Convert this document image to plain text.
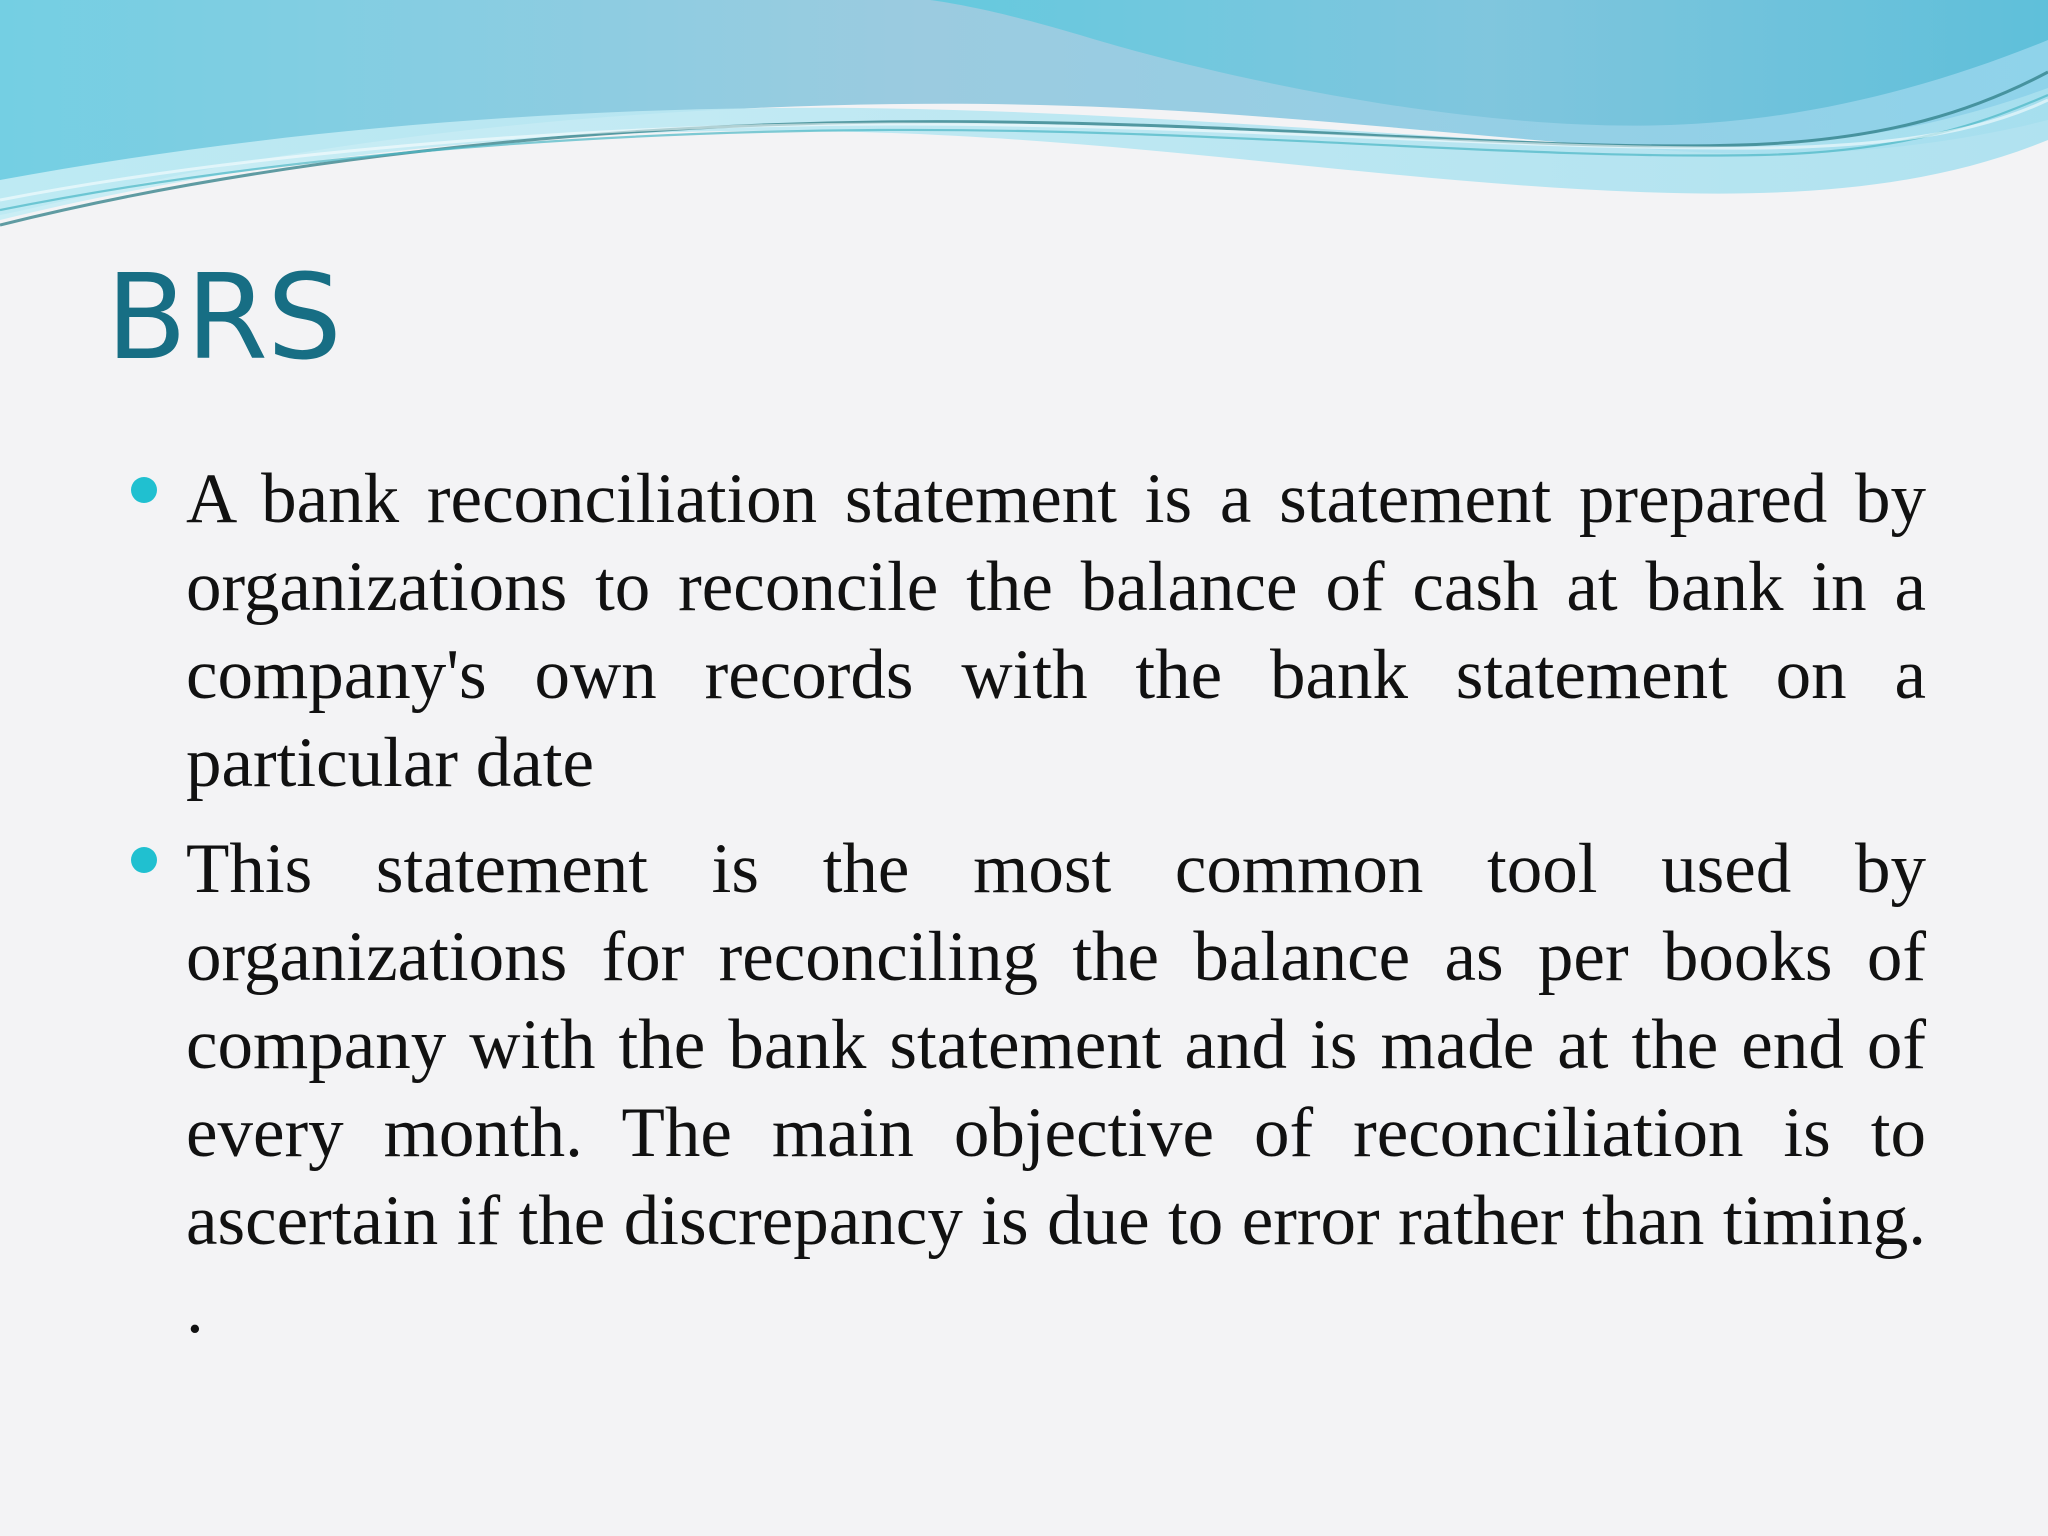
BRS
A bank reconciliation statement is a statement prepared by organizations to reconcile the balance of cash at bank in a company's own records with the bank statement on a particular date
This statement is the most common tool used by organizations for reconciling the balance as per books of company with the bank statement and is made at the end of every month. The main objective of reconciliation is to ascertain if the discrepancy is due to error rather than timing. .
